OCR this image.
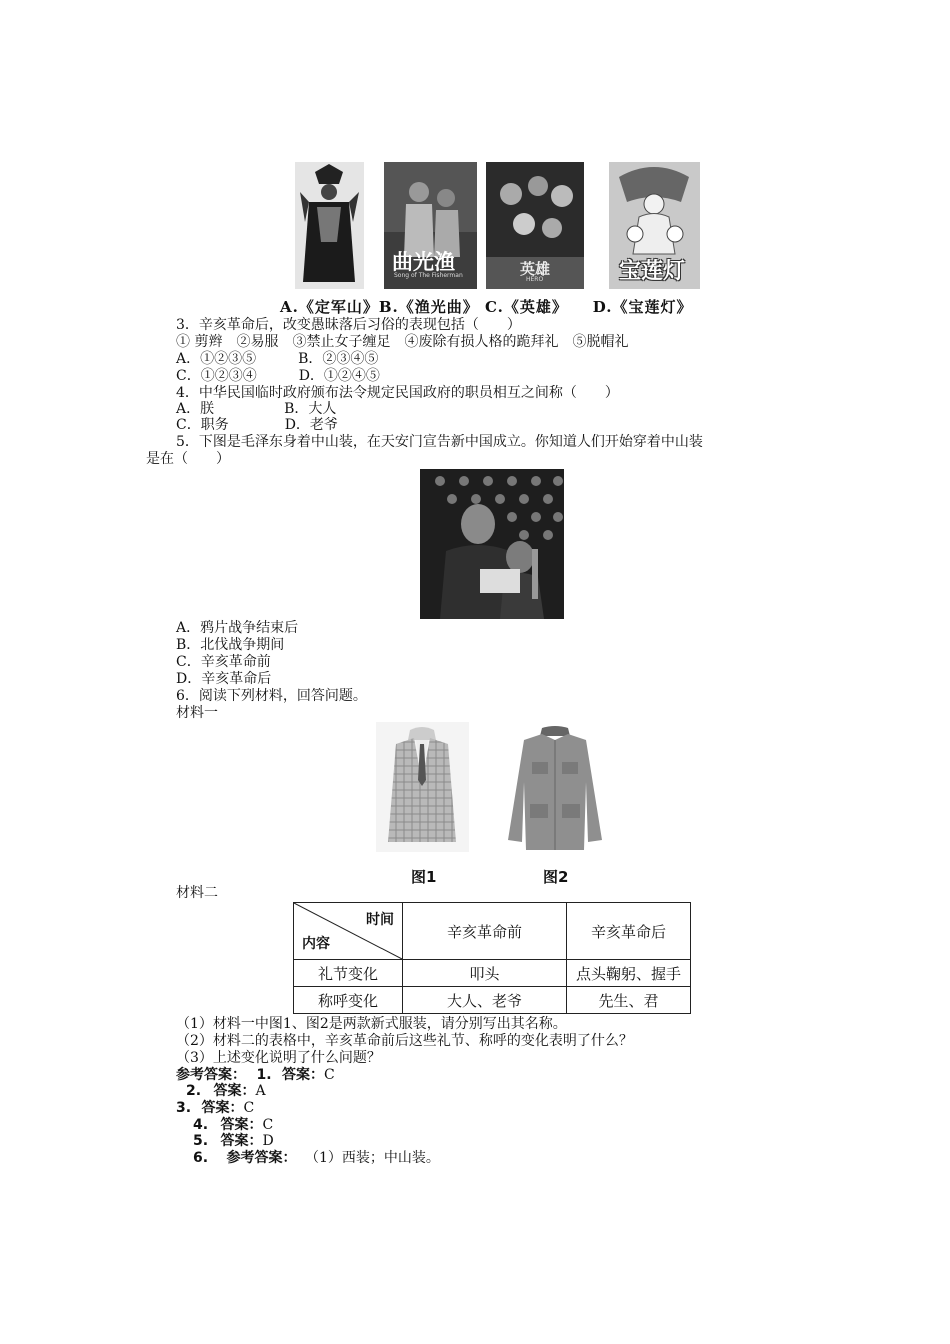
曲光渔
Song of The Fisherman	英雄
HERO	宝莲灯
A.《定军山》B.《渔光曲》 C.《英雄》    D.《宝莲灯》
3．辛亥革命后，改变愚昧落后习俗的表现包括（　　）
① 剪辫　②易服　③禁止女子缠足　④废除有损人格的跪拜礼　⑤脱帽礼
A．①②③⑤　　　B．②③④⑤
C．①②③④　　　D．①②④⑤
4．中华民国临时政府颁布法令规定民国政府的职员相互之间称（　　）
A．朕　　　　　B．大人
C．职务　　　　D．老爷
5．下图是毛泽东身着中山装，在天安门宣告新中国成立。你知道人们开始穿着中山装
是在（　　）
A．鸦片战争结束后
B．北伐战争期间
C．辛亥革命前
D．辛亥革命后
6．阅读下列材料，回答问题。
材料一
图1	图2
材料二
时间
内容	辛亥革命前	辛亥革命后
礼节变化	叩头	点头鞠躬、握手
称呼变化	大人、老爷	先生、君
（1）材料一中图1、图2是两款新式服装，请分别写出其名称。
（2）材料二的表格中，辛亥革命前后这些礼节、称呼的变化表明了什么？
（3）上述变化说明了什么问题？
参考答案： 1. 答案：C
2. 答案：A
3. 答案：C
4. 答案：C
5. 答案：D
6. 参考答案： （1）西装；中山装。
